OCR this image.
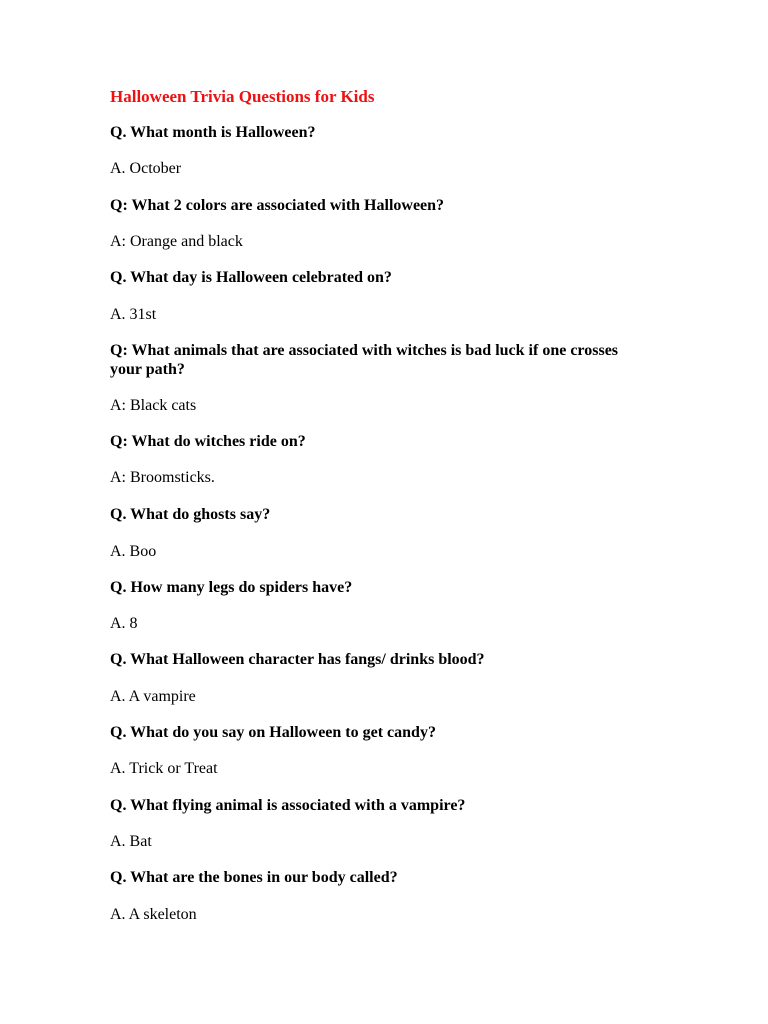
Halloween Trivia Questions for Kids

Q. What month is Halloween?

A. October

Q: What 2 colors are associated with Halloween?

A: Orange and black

Q. What day is Halloween celebrated on?

A. 31st

Q: What animals that are associated with witches is bad luck if one crosses your path?

A: Black cats

Q: What do witches ride on?

A: Broomsticks.

Q. What do ghosts say?

A. Boo

Q. How many legs do spiders have?

A. 8

Q. What Halloween character has fangs/ drinks blood?

A. A vampire

Q. What do you say on Halloween to get candy?

A. Trick or Treat

Q. What flying animal is associated with a vampire?

A. Bat

Q. What are the bones in our body called?

A. A skeleton
